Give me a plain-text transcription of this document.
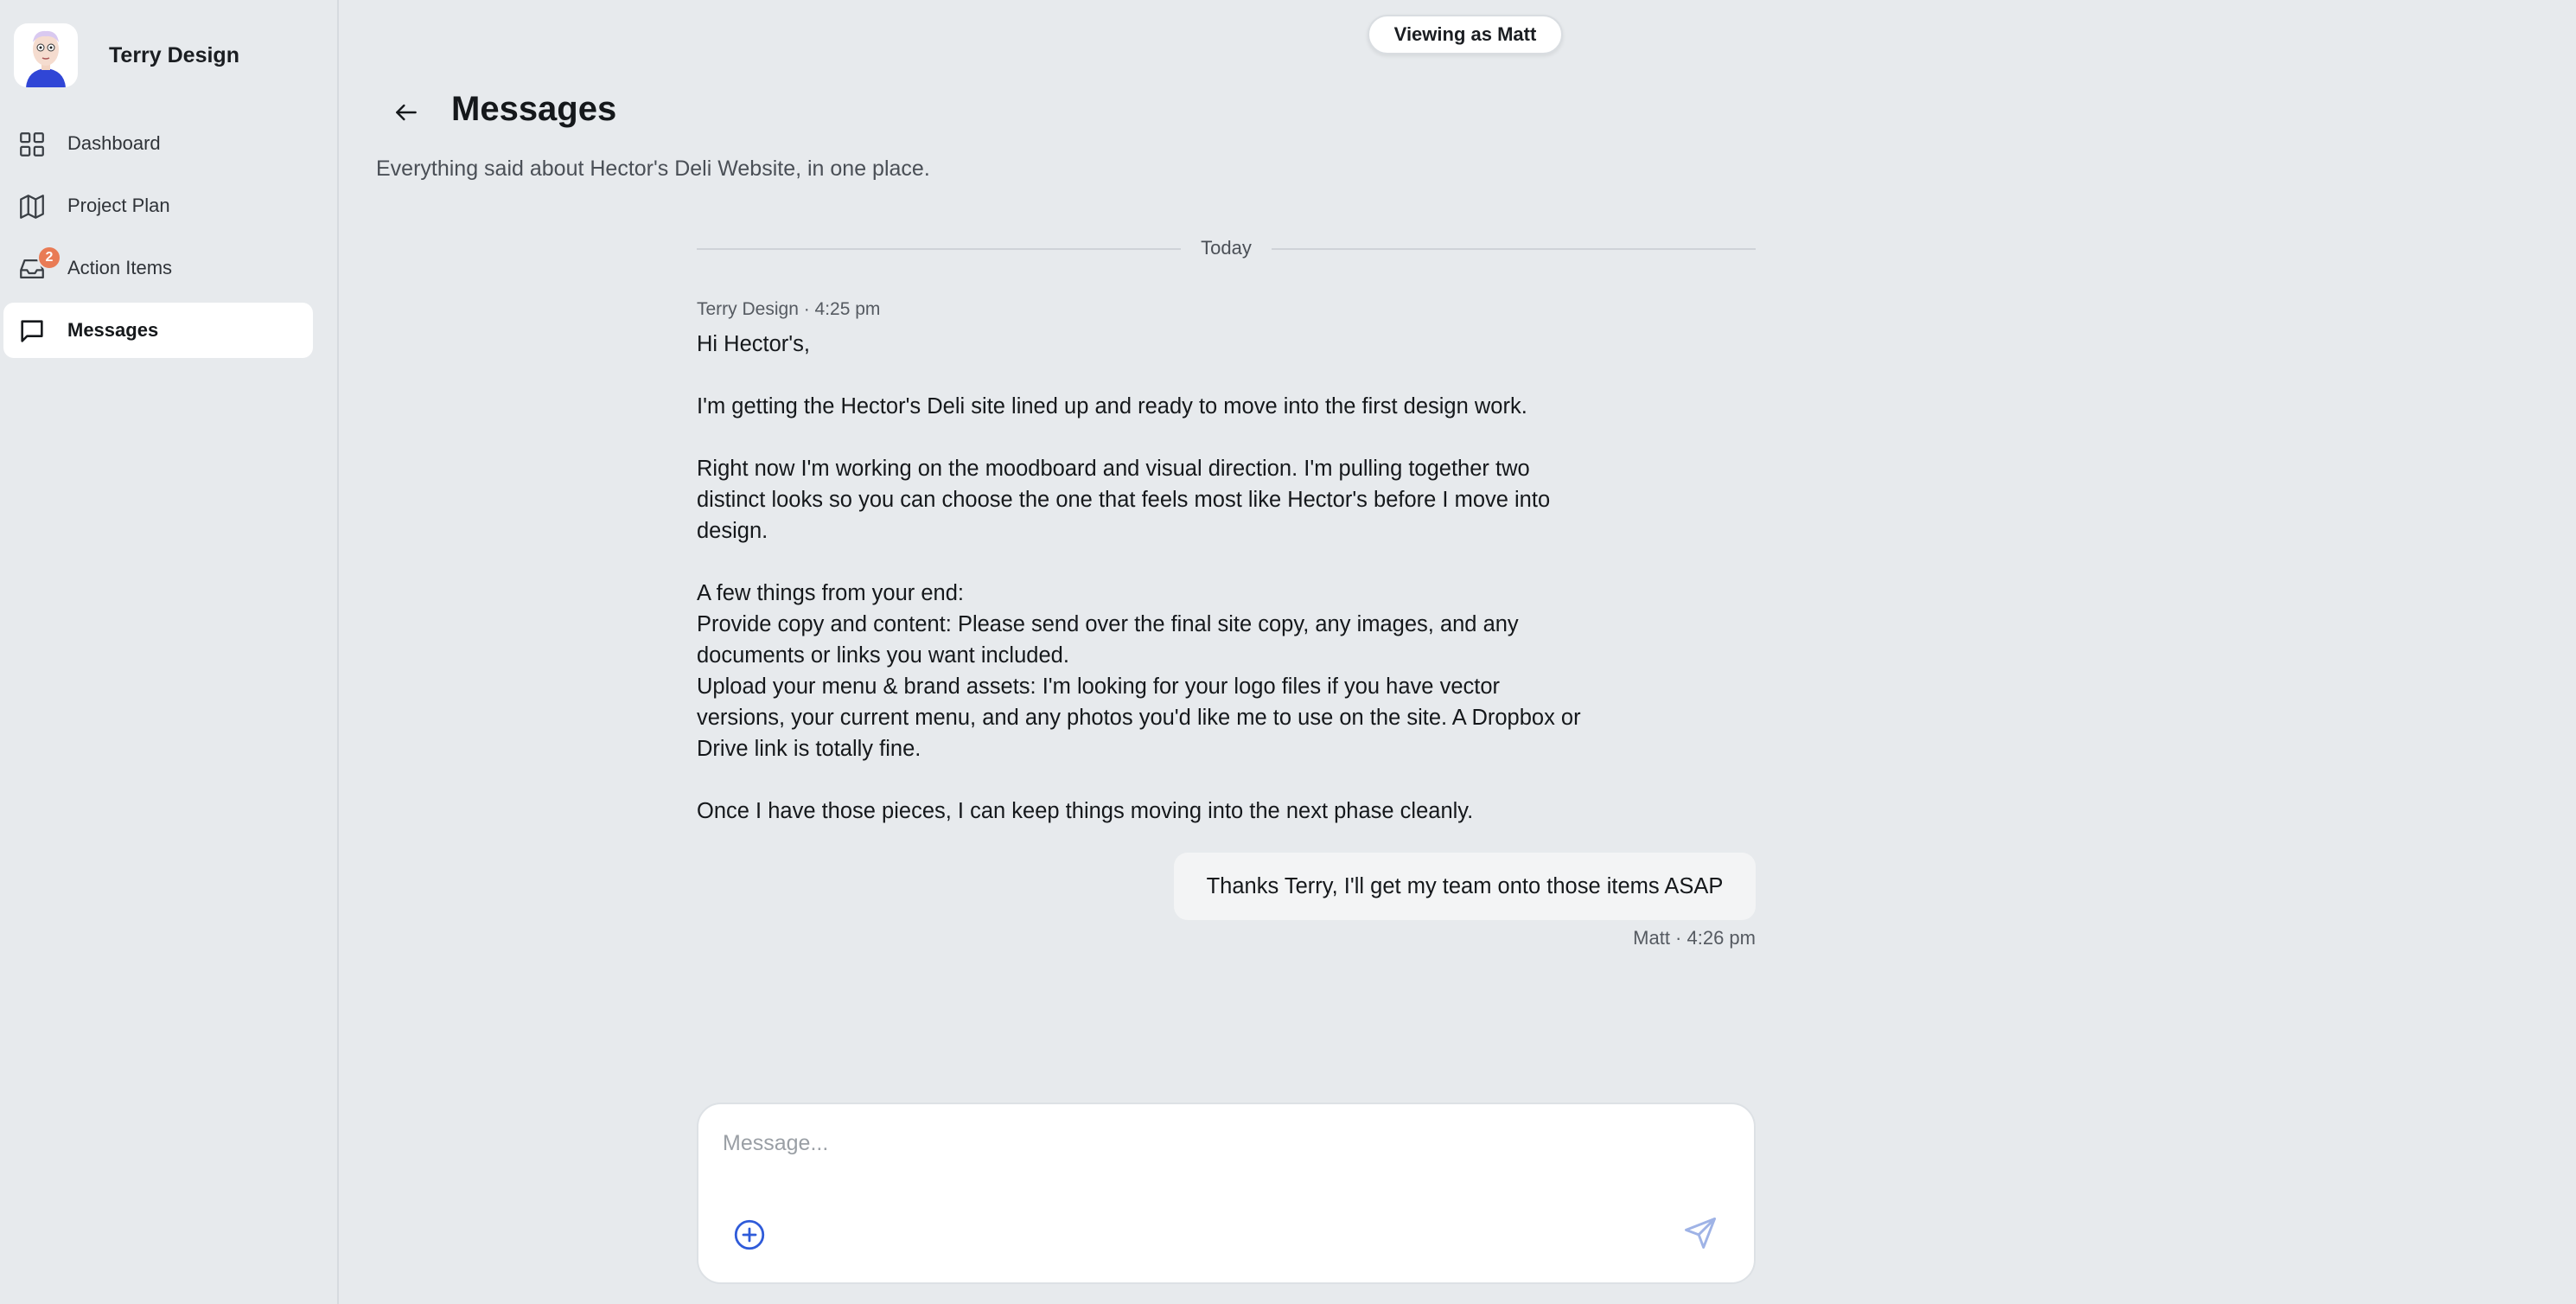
Terry Design
Dashboard
Project Plan
2 Action Items
Messages
Viewing as Matt
Messages
Everything said about Hector's Deli Website, in one place.
Today
Terry Design · 4:25 pm

Hi Hector's,

I'm getting the Hector's Deli site lined up and ready to move into the first design work.

Right now I'm working on the moodboard and visual direction. I'm pulling together two

distinct looks so you can choose the one that feels most like Hector's before I move into

design.

A few things from your end:

Provide copy and content: Please send over the final site copy, any images, and any

documents or links you want included.

Upload your menu & brand assets: I'm looking for your logo files if you have vector

versions, your current menu, and any photos you'd like me to use on the site. A Dropbox or

Drive link is totally fine.

Once I have those pieces, I can keep things moving into the next phase cleanly.

Thanks Terry, I'll get my team onto those items ASAP
Matt · 4:26 pm
Message...
